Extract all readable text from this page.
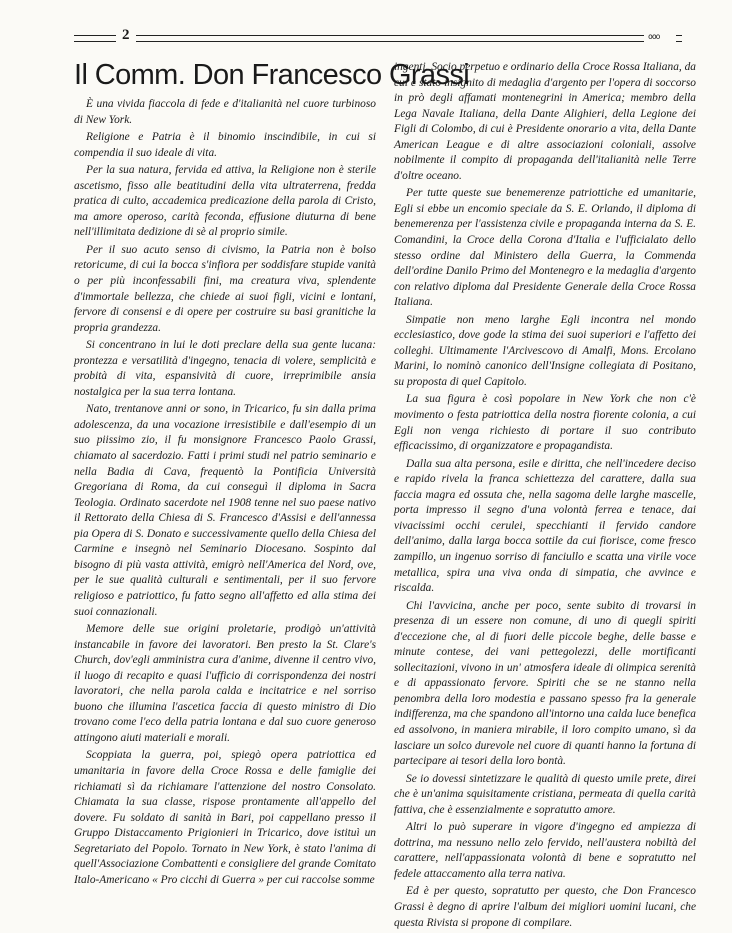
2	ooo
Il Comm. Don Francesco Grassi

È una vivida fiaccola di fede e d'italianità nel cuore turbinoso di New York.

Religione e Patria è il binomio inscindibile, in cui si compendia il suo ideale di vita.

Per la sua natura, fervida ed attiva, la Religione non è sterile ascetismo, fisso alle beatitudini della vita ultraterrena, fredda pratica di culto, accademica predicazione della parola di Cristo, ma amore operoso, carità feconda, effusione diuturna di bene nell'illimitata dedizione di sè al proprio simile.

Per il suo acuto senso di civismo, la Patria non è bolso retoricume, di cui la bocca s'infiora per soddisfare stupide vanità o per più inconfessabili fini, ma creatura viva, splendente d'immortale bellezza, che chiede ai suoi figli, vicini e lontani, fervore di consensi e di opere per costruire su basi granitiche la propria grandezza.

Si concentrano in lui le doti preclare della sua gente lucana: prontezza e versatilità d'ingegno, tenacia di volere, semplicità e probità di vita, espansività di cuore, irreprimibile ansia nostalgica per la sua terra lontana.

Nato, trentanove anni or sono, in Tricarico, fu sin dalla prima adolescenza, da una vocazione irresistibile e dall'esempio di un suo piissimo zio, il fu monsignore Francesco Paolo Grassi, chiamato al sacerdozio. Fatti i primi studi nel patrio seminario e nella Badia di Cava, frequentò la Pontificia Università Gregoriana di Roma, da cui conseguì il diploma in Sacra Teologia. Ordinato sacerdote nel 1908 tenne nel suo paese nativo il Rettorato della Chiesa di S. Francesco d'Assisi e dell'annessa pia Opera di S. Donato e successivamente quello della Chiesa del Carmine e insegnò nel Seminario Diocesano. Sospinto dal bisogno di più vasta attività, emigrò nell'America del Nord, ove, per le sue qualità culturali e sentimentali, per il suo fervore religioso e patriottico, fu fatto segno all'affetto ed alla stima dei suoi connazionali.

Memore delle sue origini proletarie, prodigò un'attività instancabile in favore dei lavoratori. Ben presto la St. Clare's Church, dov'egli amministra cura d'anime, divenne il centro vivo, il luogo di recapito e quasi l'ufficio di corrispondenza dei nostri lavoratori, che nella parola calda e incitatrice e nel sorriso buono che illumina l'ascetica faccia di questo ministro di Dio trovano come l'eco della patria lontana e dal suo cuore generoso attingono aiuti materiali e morali.

Scoppiata la guerra, poi, spiegò opera patriottica ed umanitaria in favore della Croce Rossa e delle famiglie dei richiamati sì da richiamare l'attenzione del nostro Consolato. Chiamata la sua classe, rispose prontamente all'appello del dovere. Fu soldato di sanità in Bari, poi cappellano presso il Gruppo Distaccamento Prigionieri in Tricarico, dove istituì un Segretariato del Popolo. Tornato in New York, è stato l'anima di quell'Associazione Combattenti e consigliere del grande Comitato Italo-Americano « Pro cicchi di Guerra » per cui raccolse somme

ingenti. Socio perpetuo e ordinario della Croce Rossa Italiana, da cui è stato insignito di medaglia d'argento per l'opera di soccorso in prò degli affamati montenegrini in America; membro della Lega Navale Italiana, della Dante Alighieri, della Legione dei Figli di Colombo, di cui è Presidente onorario a vita, della Dante American League e di altre associazioni coloniali, assolve nobilmente il compito di propaganda dell'italianità nelle Terre d'oltre oceano.

Per tutte queste sue benemerenze patriottiche ed umanitarie, Egli si ebbe un encomio speciale da S. E. Orlando, il diploma di benemerenza per l'assistenza civile e propaganda interna da S. E. Comandini, la Croce della Corona d'Italia e l'ufficialato dello stesso ordine dal Ministero della Guerra, la Commenda dell'ordine Danilo Primo del Montenegro e la medaglia d'argento con relativo diploma dal Presidente Generale della Croce Rossa Italiana.

Simpatie non meno larghe Egli incontra nel mondo ecclesiastico, dove gode la stima dei suoi superiori e l'affetto dei colleghi. Ultimamente l'Arcivescovo di Amalfi, Mons. Ercolano Marini, lo nominò canonico dell'Insigne collegiata di Positano, su proposta di quel Capitolo.

La sua figura è così popolare in New York che non c'è movimento o festa patriottica della nostra fiorente colonia, a cui Egli non venga richiesto di portare il suo contributo efficacissimo, di organizzatore e propagandista.

Dalla sua alta persona, esile e diritta, che nell'incedere deciso e rapido rivela la franca schiettezza del carattere, dalla sua faccia magra ed ossuta che, nella sagoma delle larghe mascelle, porta impresso il segno d'una volontà ferrea e tenace, dai vivacissimi occhi cerulei, specchianti il fervido candore dell'animo, dalla larga bocca sottile da cui fiorisce, come fresco zampillo, un ingenuo sorriso di fanciullo e scatta una virile voce metallica, spira una viva onda di simpatia, che avvince e riscalda.

Chi l'avvicina, anche per poco, sente subito di trovarsi in presenza di un essere non comune, di uno di quegli spiriti d'eccezione che, al di fuori delle piccole beghe, delle basse e minute contese, dei vani pettegolezzi, delle mortificanti sollecitazioni, vivono in un' atmosfera ideale di olimpica serenità e di appassionato fervore. Spiriti che se ne stanno nella penombra della loro modestia e passano spesso fra la generale indifferenza, ma che spandono all'intorno una calda luce benefica ed assolvono, in maniera mirabile, il loro compito umano, sì da lasciare un solco durevole nel cuore di quanti hanno la fortuna di partecipare ai tesori della loro bontà.

Se io dovessi sintetizzare le qualità di questo umile prete, direi che è un'anima squisitamente cristiana, permeata di quella carità fattiva, che è essenzialmente e sopratutto amore.

Altri lo può superare in vigore d'ingegno ed ampiezza di dottrina, ma nessuno nello zelo fervido, nell'austera nobiltà del carattere, nell'appassionata volontà di bene e sopratutto nel fedele attaccamento alla terra nativa.

Ed è per questo, sopratutto per questo, che Don Francesco Grassi è degno di aprire l'album dei migliori uomini lucani, che questa Rivista si propone di compilare.
